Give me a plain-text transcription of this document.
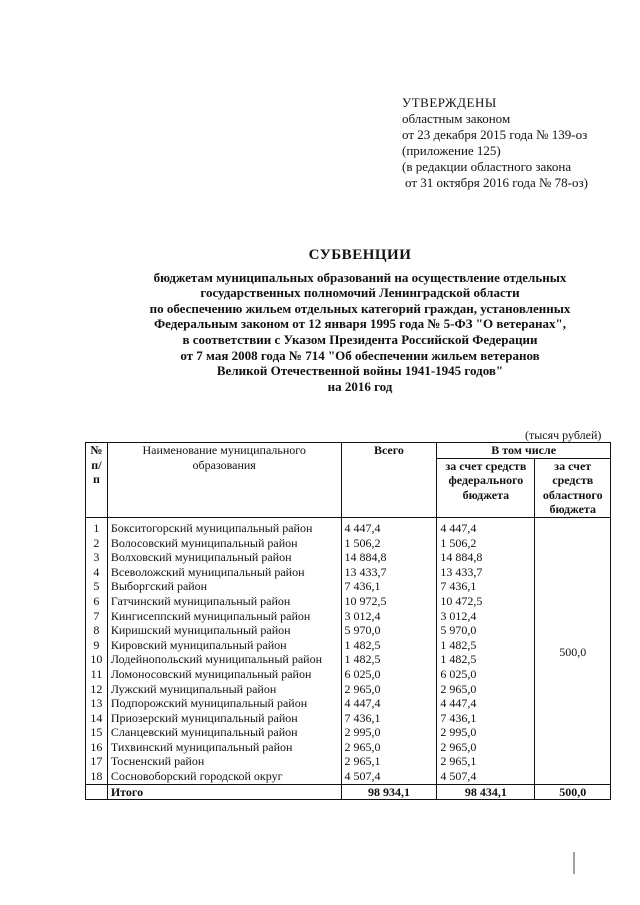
УТВЕРЖДЕНЫ
областным законом
от 23 декабря 2015 года № 139-оз
(приложение 125)
(в редакции областного закона
от 31 октября 2016 года № 78-оз)
СУБВЕНЦИИ
бюджетам муниципальных образований на осуществление отдельных
государственных полномочий Ленинградской области
по обеспечению жильем отдельных категорий граждан, установленных
Федеральным законом от 12 января 1995 года № 5-ФЗ "О ветеранах",
в соответствии с Указом Президента Российской Федерации
от 7 мая 2008 года № 714 "Об обеспечении жильем ветеранов
Великой Отечественной войны 1941-1945 годов"
на 2016 год
(тысяч рублей)
№ п/п	Наименование муниципального образования	Всего	В том числе	
			за счет средств федерального бюджета	за счет средств областного бюджета
1	Бокситогорский муниципальный район	4 447,4	4 447,4	500,0
2	Волосовский муниципальный район	1 506,2	1 506,2	
3	Волховский муниципальный район	14 884,8	14 884,8	
4	Всеволожский муниципальный район	13 433,7	13 433,7	
5	Выборгский район	7 436,1	7 436,1	
6	Гатчинский муниципальный район	10 972,5	10 472,5	
7	Кингисеппский муниципальный район	3 012,4	3 012,4	
8	Киришский муниципальный район	5 970,0	5 970,0	
9	Кировский муниципальный район	1 482,5	1 482,5	
10	Лодейнопольский муниципальный район	1 482,5	1 482,5	
11	Ломоносовский муниципальный район	6 025,0	6 025,0	
12	Лужский муниципальный район	2 965,0	2 965,0	
13	Подпорожский муниципальный район	4 447,4	4 447,4	
14	Приозерский муниципальный район	7 436,1	7 436,1	
15	Сланцевский муниципальный район	2 995,0	2 995,0	
16	Тихвинский муниципальный район	2 965,0	2 965,0	
17	Тосненский район	2 965,1	2 965,1	
18	Сосновоборский городской округ	4 507,4	4 507,4	
	Итого	98 934,1	98 434,1	500,0
